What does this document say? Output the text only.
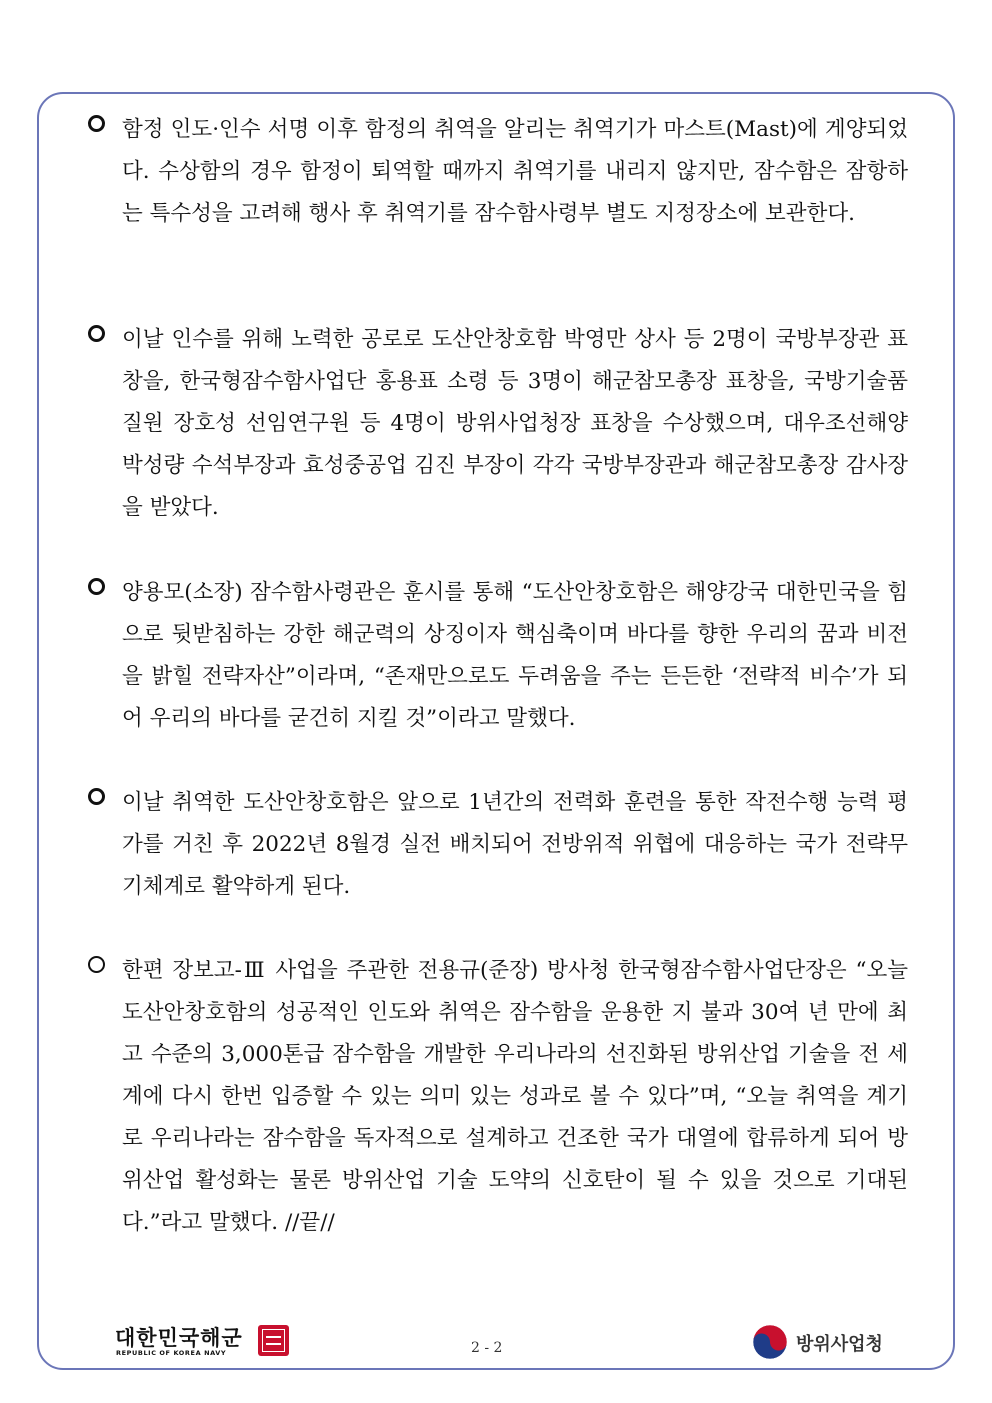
함정 인도·인수 서명 이후 함정의 취역을 알리는 취역기가 마스트(Mast)에 게양되었다. 수상함의 경우 함정이 퇴역할 때까지 취역기를 내리지 않지만, 잠수함은 잠항하는 특수성을 고려해 행사 후 취역기를 잠수함사령부 별도 지정장소에 보관한다.
이날 인수를 위해 노력한 공로로 도산안창호함 박영만 상사 등 2명이 국방부장관 표창을, 한국형잠수함사업단 홍용표 소령 등 3명이 해군참모총장 표창을, 국방기술품질원 장호성 선임연구원 등 4명이 방위사업청장 표창을 수상했으며, 대우조선해양 박성량 수석부장과 효성중공업 김진 부장이 각각 국방부장관과 해군참모총장 감사장을 받았다.
양용모(소장) 잠수함사령관은 훈시를 통해 “도산안창호함은 해양강국 대한민국을 힘으로 뒷받침하는 강한 해군력의 상징이자 핵심축이며 바다를 향한 우리의 꿈과 비전을 밝힐 전략자산”이라며, “존재만으로도 두려움을 주는 든든한 ‘전략적 비수’가 되어 우리의 바다를 굳건히 지킬 것”이라고 말했다.
이날 취역한 도산안창호함은 앞으로 1년간의 전력화 훈련을 통한 작전수행 능력 평가를 거친 후 2022년 8월경 실전 배치되어 전방위적 위협에 대응하는 국가 전략무기체계로 활약하게 된다.
한편 장보고-Ⅲ 사업을 주관한 전용규(준장) 방사청 한국형잠수함사업단장은 “오늘 도산안창호함의 성공적인 인도와 취역은 잠수함을 운용한 지 불과 30여 년 만에 최고 수준의 3,000톤급 잠수함을 개발한 우리나라의 선진화된 방위산업 기술을 전 세계에 다시 한번 입증할 수 있는 의미 있는 성과로 볼 수 있다”며, “오늘 취역을 계기로 우리나라는 잠수함을 독자적으로 설계하고 건조한 국가 대열에 합류하게 되어 방위산업 활성화는 물론 방위산업 기술 도약의 신호탄이 될 수 있을 것으로 기대된다.”라고 말했다. //끝//
대한민국해군
REPUBLIC OF KOREA NAVY	2 - 2	방위사업청
